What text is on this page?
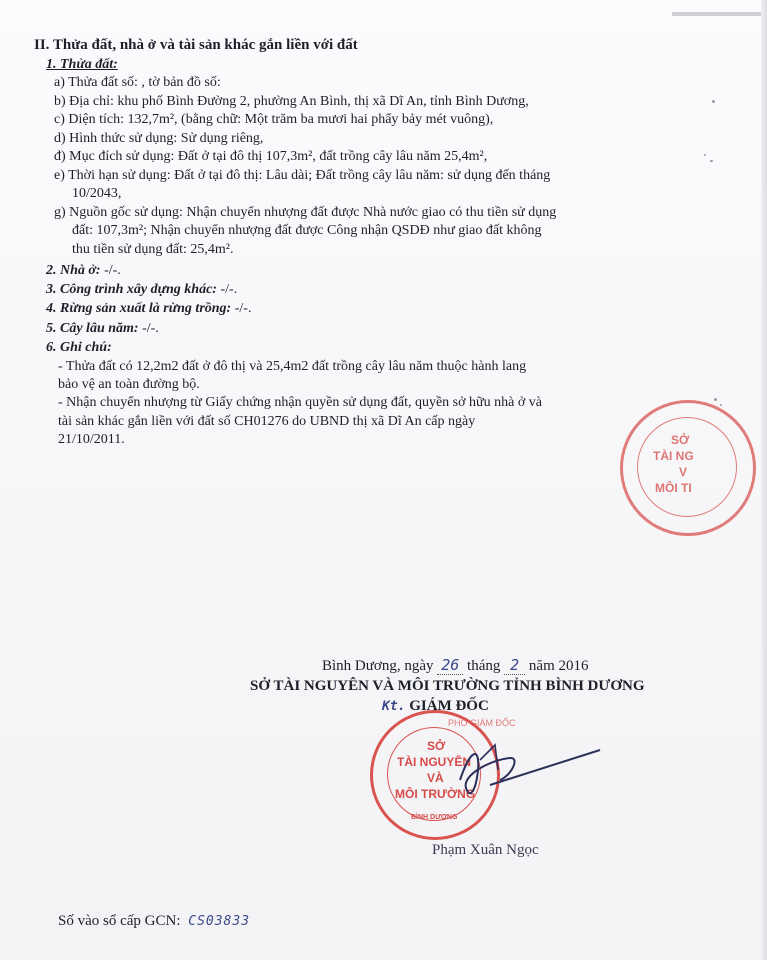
II. Thửa đất, nhà ở và tài sản khác gắn liền với đất
1. Thửa đất:
a) Thửa đất số: , tờ bản đồ số:
b) Địa chỉ: khu phố Bình Đường 2, phường An Bình, thị xã Dĩ An, tỉnh Bình Dương,
c) Diện tích: 132,7m², (bằng chữ: Một trăm ba mươi hai phẩy bảy mét vuông),
d) Hình thức sử dụng: Sử dụng riêng,
đ) Mục đích sử dụng: Đất ở tại đô thị 107,3m², đất trồng cây lâu năm 25,4m²,
e) Thời hạn sử dụng: Đất ở tại đô thị: Lâu dài; Đất trồng cây lâu năm: sử dụng đến tháng
10/2043,
g) Nguồn gốc sử dụng: Nhận chuyển nhượng đất được Nhà nước giao có thu tiền sử dụng
đất: 107,3m²; Nhận chuyển nhượng đất được Công nhận QSDĐ như giao đất không
thu tiền sử dụng đất: 25,4m².
2. Nhà ở: -/-.
3. Công trình xây dựng khác: -/-.
4. Rừng sản xuất là rừng trồng: -/-.
5. Cây lâu năm: -/-.
6. Ghi chú:
- Thửa đất có 12,2m2 đất ở đô thị và 25,4m2 đất trồng cây lâu năm thuộc hành lang
bảo vệ an toàn đường bộ.
- Nhận chuyển nhượng từ Giấy chứng nhận quyền sử dụng đất, quyền sở hữu nhà ở và
tài sản khác gắn liền với đất số CH01276 do UBND thị xã Dĩ An cấp ngày
21/10/2011.	SỞ
TÀI NG
V
MÔI TI
Bình Dương, ngày 26 tháng 2 năm 2016
SỞ TÀI NGUYÊN VÀ MÔI TRƯỜNG TỈNH BÌNH DƯƠNG
Kt. GIÁM ĐỐC
PHÓ GIÁM ĐỐC
SỞ
TÀI NGUYÊN
VÀ
MÔI TRƯỜNG
BÌNH DƯƠNG
Phạm Xuân Ngọc
Số vào sổ cấp GCN: CS03833
